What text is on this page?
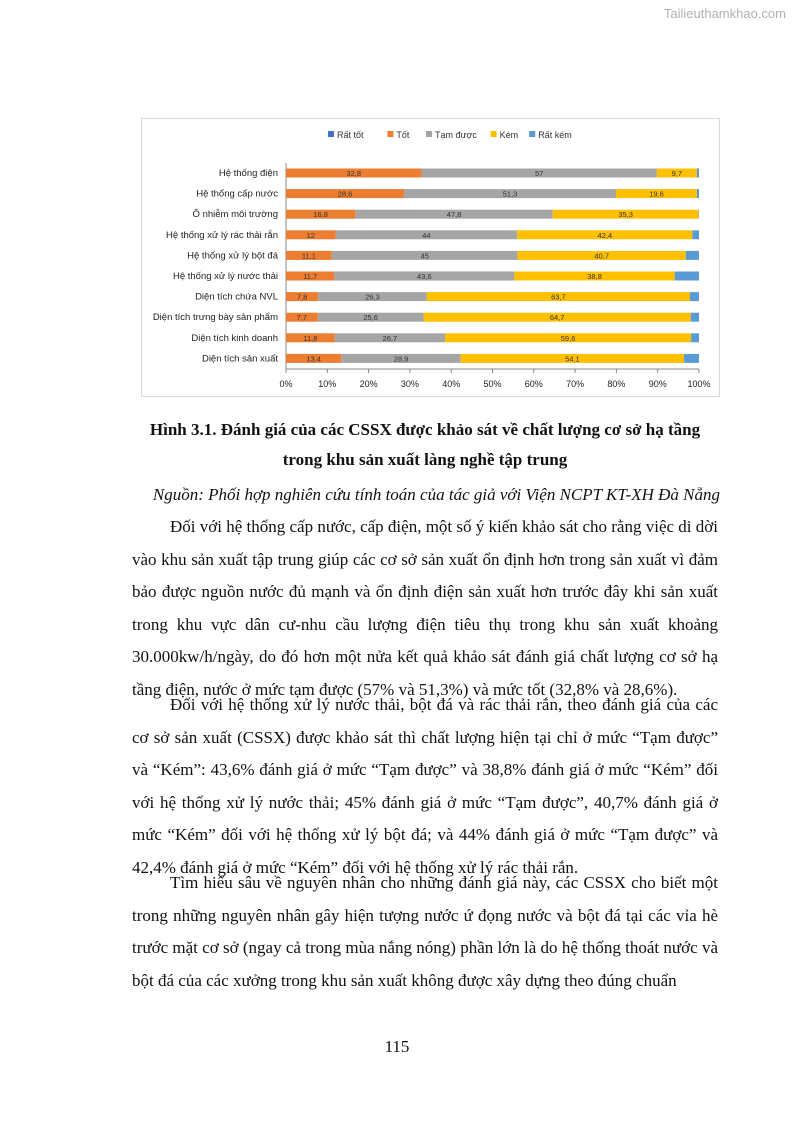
Tailieuthamkhao.com
Rất tốt	Tốt	Tạm được	Kém Rất kém
Hệ thống điện	32,8	57	9,7
Hệ thống cấp nước	28,6	51,3	19,6
Ô nhiễm môi trường	16,8	47,8	35,3
Hệ thống xử lý rác thải rắn	12	44	42,4
Hệ thống xử lý bột đá	11,1	45	40,7
Hệ thống xử lý nước thải	11,7	43,6	38,8
Diện tích chứa NVL	7,8	26,3	63,7
Diện tích trưng bày sản phẩm 7,7	25,6	64,7
Diện tích kinh doanh	11,8	26,7	59,6
Diện tích sản xuất	13,4	28,9	54,1
0%	10%	20%	30%	40%	50%	60%	70%	80%	90% 100%
Hình 3.1. Đánh giá của các CSSX được khảo sát về chất lượng cơ sở hạ tầng
trong khu sản xuất làng nghề tập trung
Nguồn: Phối hợp nghiên cứu tính toán của tác giả với Viện NCPT KT-XH Đà Nẵng

Đối với hệ thống cấp nước, cấp điện, một số ý kiến khảo sát cho rằng việc di dời vào khu sản xuất tập trung giúp các cơ sở sản xuất ổn định hơn trong sản xuất vì đảm bảo được nguồn nước đủ mạnh và ổn định điện sản xuất hơn trước đây khi sản xuất trong khu vực dân cư-nhu cầu lượng điện tiêu thụ trong khu sản xuất khoảng 30.000kw/h/ngày, do đó hơn một nửa kết quả khảo sát đánh giá chất lượng cơ sở hạ tầng điện, nước ở mức tạm được (57% và 51,3%) và mức tốt (32,8% và 28,6%).

Đối với hệ thống xử lý nước thải, bột đá và rác thải rắn, theo đánh giá của các cơ sở sản xuất (CSSX) được khảo sát thì chất lượng hiện tại chỉ ở mức “Tạm được” và “Kém”: 43,6% đánh giá ở mức “Tạm được” và 38,8% đánh giá ở mức “Kém” đối với hệ thống xử lý nước thải; 45% đánh giá ở mức “Tạm được”, 40,7% đánh giá ở mức “Kém” đối với hệ thống xử lý bột đá; và 44% đánh giá ở mức “Tạm được” và 42,4% đánh giá ở mức “Kém” đối với hệ thống xử lý rác thải rắn.

Tìm hiểu sâu về nguyên nhân cho những đánh giá này, các CSSX cho biết một trong những nguyên nhân gây hiện tượng nước ứ đọng nước và bột đá tại các vỉa hè trước mặt cơ sở (ngay cả trong mùa nắng nóng) phần lớn là do hệ thống thoát nước và bột đá của các xưởng trong khu sản xuất không được xây dựng theo đúng chuẩn

115
